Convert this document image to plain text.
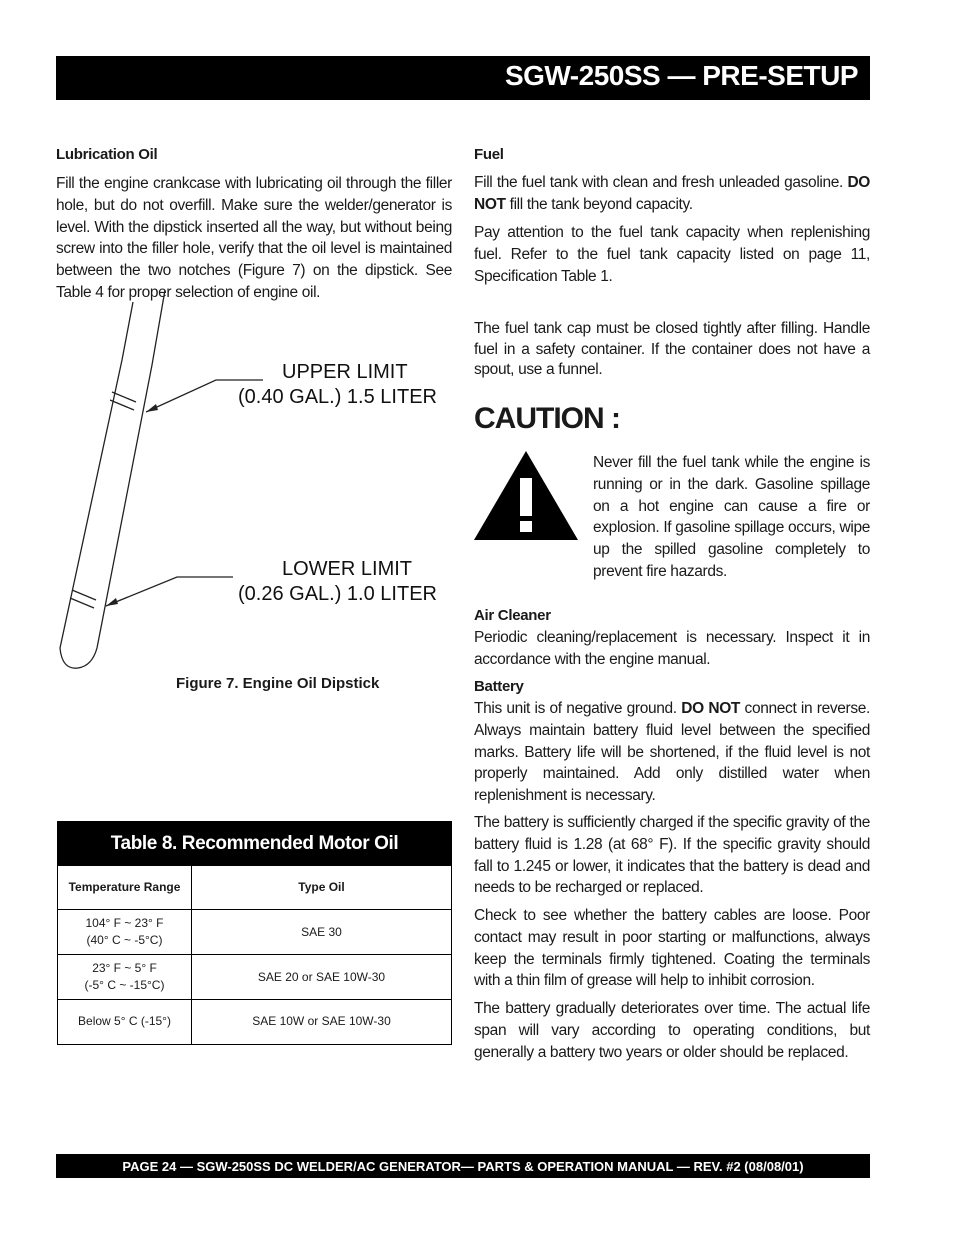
SGW-250SS — PRE-SETUP
Lubrication Oil

Fill the engine crankcase with lubricating oil through the filler hole, but do not overfill. Make sure the welder/generator is level. With the dipstick inserted all the way, but without being screw into the filler hole, verify that the oil level is maintained between the two notches (Figure 7) on the dipstick. See Table 4 for proper selection of engine oil.

UPPER LIMIT
(0.40 GAL.) 1.5 LITER
LOWER LIMIT
(0.26 GAL.) 1.0 LITER
Figure 7. Engine Oil Dipstick
Table 8. Recommended Motor Oil
Temperature Range	Type Oil

104° F ~ 23° F
(40° C ~ -5°C)	SAE 30

23° F ~ 5° F
(-5° C ~ -15°C)	SAE 20 or SAE 10W-30
Below 5° C (-15°)	SAE 10W or SAE 10W-30
Fuel

Fill the fuel tank with clean and fresh unleaded gasoline. DO NOT fill the tank beyond capacity.

Pay attention to the fuel tank capacity when replenishing fuel. Refer to the fuel tank capacity listed on page 11, Specification Table 1.

The fuel tank cap must be closed tightly after filling. Handle fuel in a safety container. If the container does not have a spout, use a funnel.

CAUTION :

Never fill the fuel tank while the engine is running or in the dark. Gasoline spillage on a hot engine can cause a fire or explosion. If gasoline spillage occurs, wipe up the spilled gasoline completely to prevent fire hazards.

Air Cleaner

Periodic cleaning/replacement is necessary. Inspect it in accordance with the engine manual.

Battery

This unit is of negative ground. DO NOT connect in reverse. Always maintain battery fluid level between the specified marks. Battery life will be shortened, if the fluid level is not properly maintained. Add only distilled water when replenishment is necessary.

The battery is sufficiently charged if the specific gravity of the battery fluid is 1.28 (at 68° F). If the specific gravity should fall to 1.245 or lower, it indicates that the battery is dead and needs to be recharged or replaced.

Check to see whether the battery cables are loose. Poor contact may result in poor starting or malfunctions, always keep the terminals firmly tightened. Coating the terminals with a thin film of grease will help to inhibit corrosion.

The battery gradually deteriorates over time. The actual life span will vary according to operating conditions, but generally a battery two years or older should be replaced.

PAGE 24 — SGW-250SS DC WELDER/AC GENERATOR— PARTS & OPERATION MANUAL — REV. #2 (08/08/01)
